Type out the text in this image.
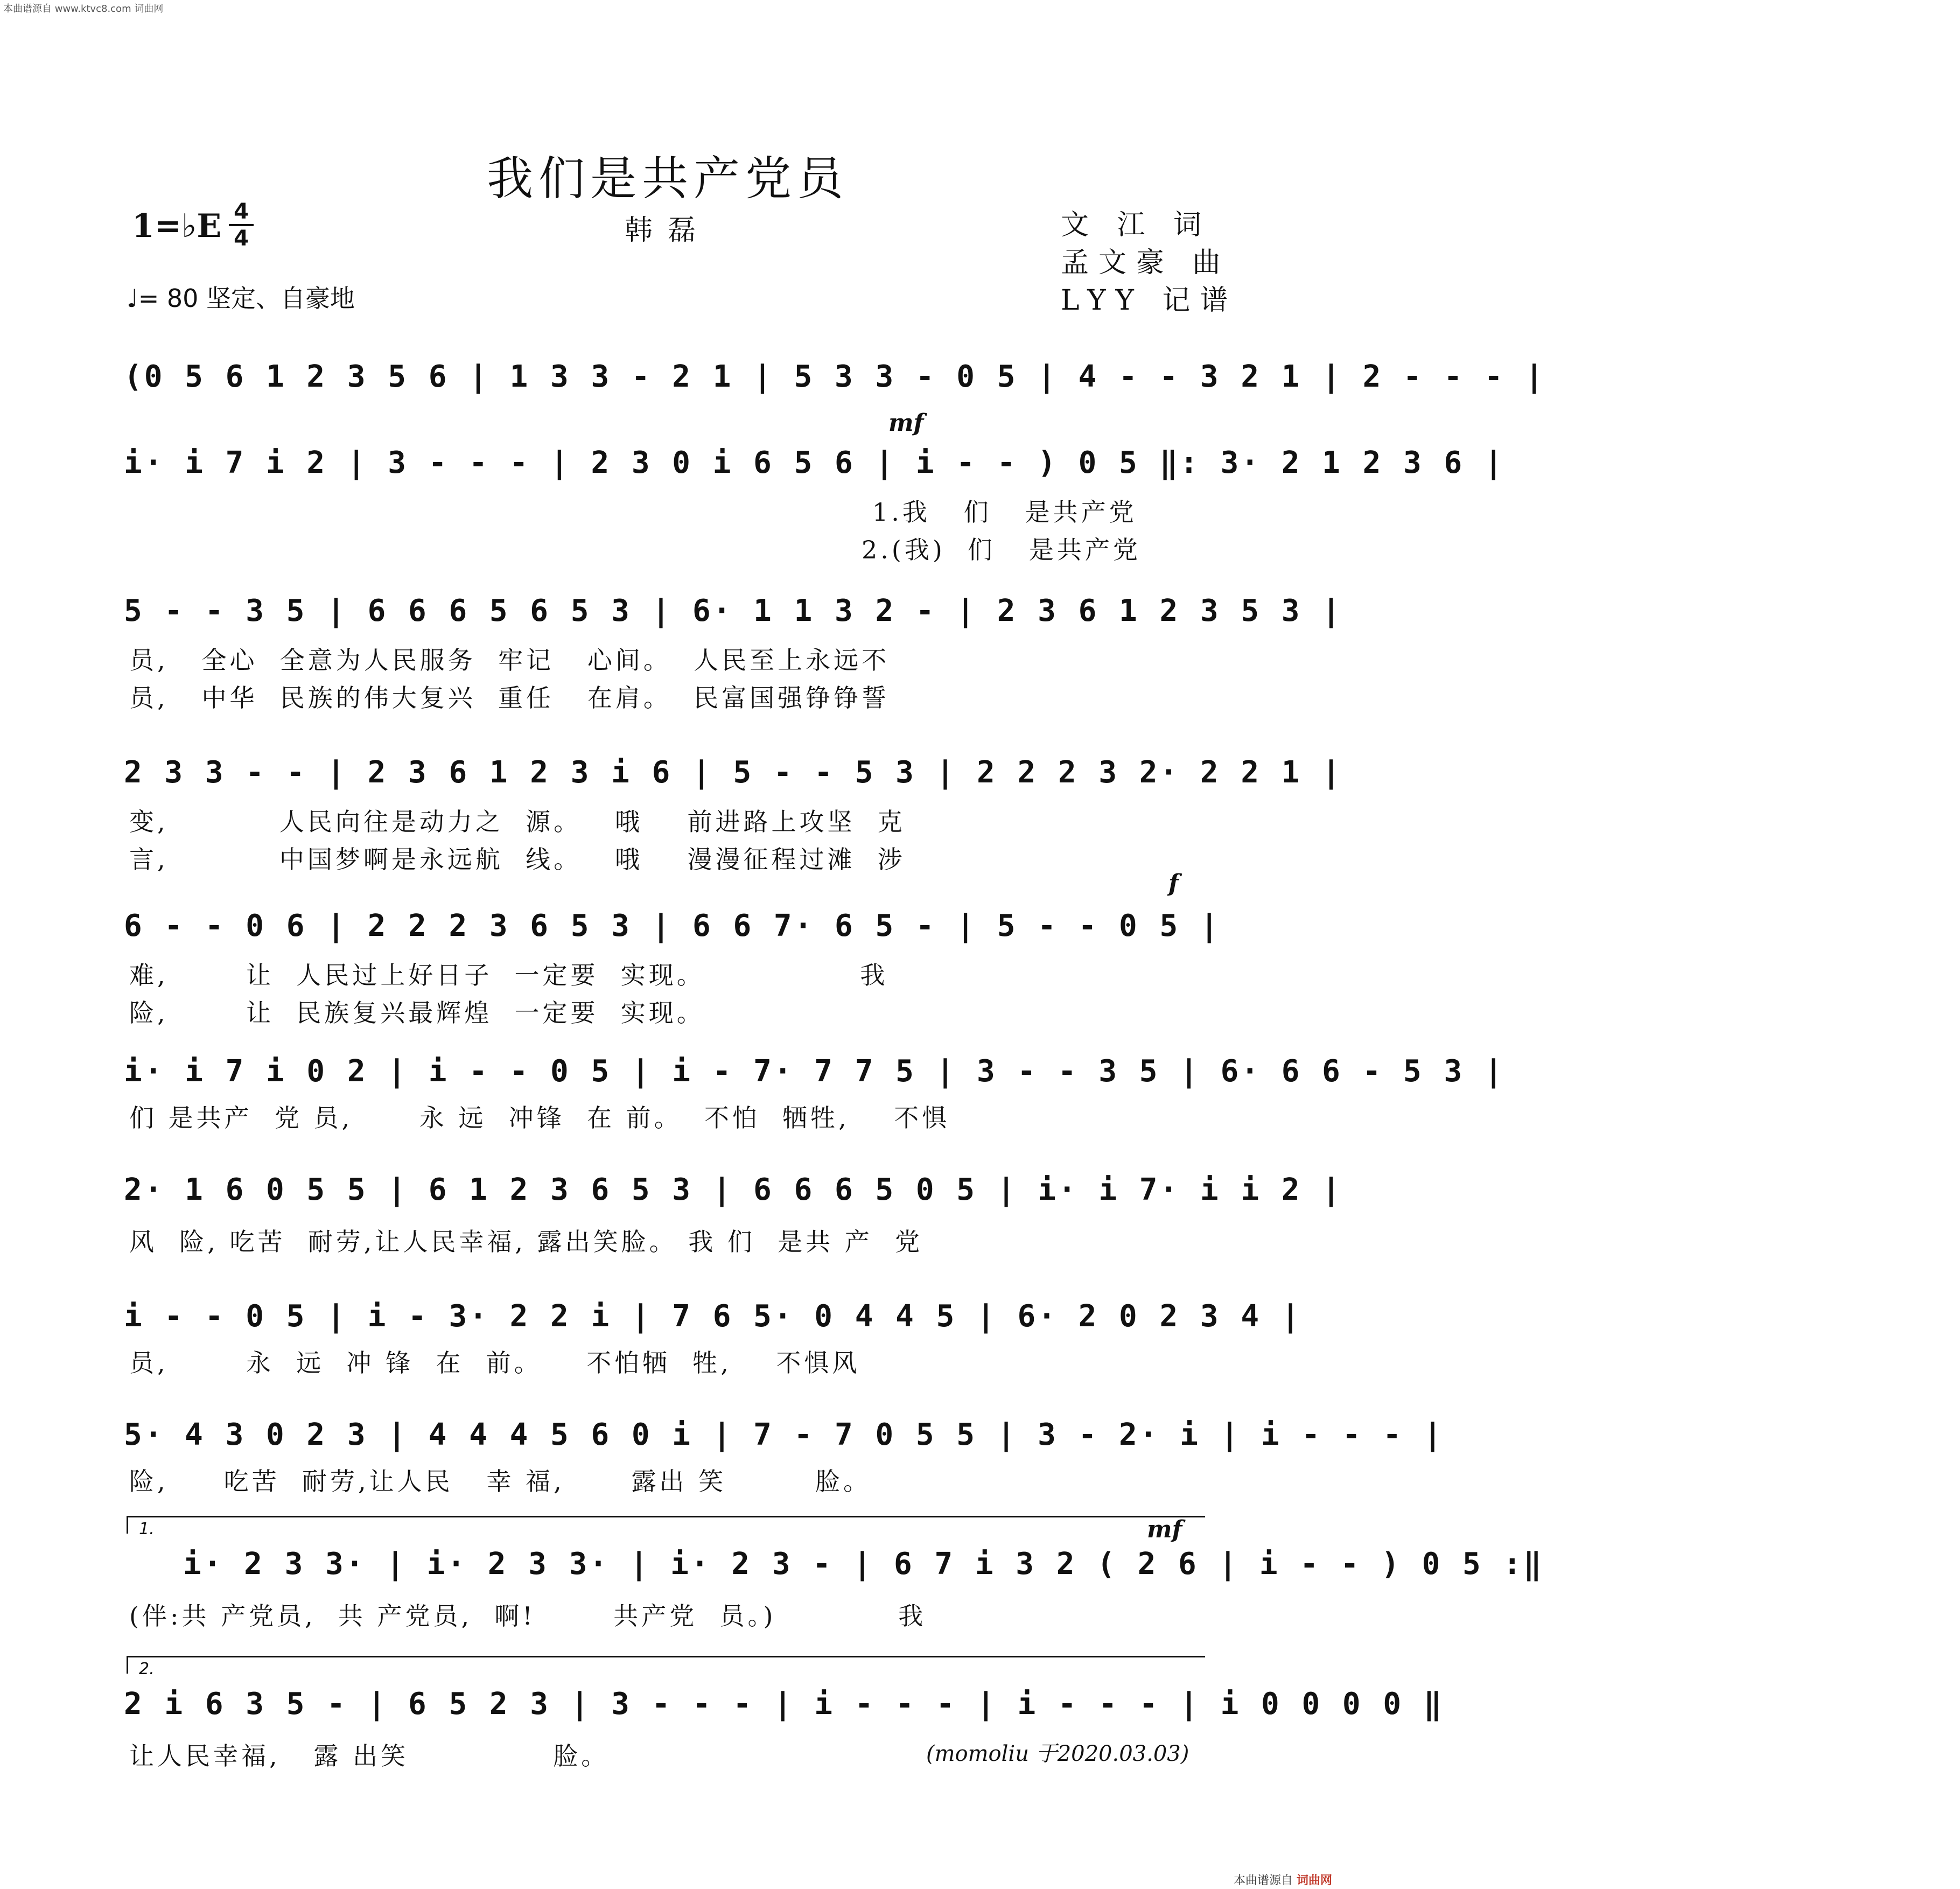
本曲谱源自 www.ktvc8.com 词曲网
我们是共产党员
1=♭E 4
4	韩磊	文 江 词
孟文豪 曲
LYY 记谱
♩= 80 坚定、自豪地
mf
f
mf
1.
2.
(0 5 6 1 2 3 5 6 | 1 3 3 - 2 1 | 5 3 3 - 0 5 | 4 - - 3 2 1 | 2 - - - |
i· i 7 i 2 | 3 - - - | 2 3 0 i 6 5 6 | i - - ) 0 5 ‖: 3· 2 1 2 3 6 |
1.我   们   是共产党
2.(我)  们   是共产党
5 - - 3 5 | 6 6 6 5 6 5 3 | 6· 1 1 3 2 - | 2 3 6 1 2 3 5 3 |
员,   全心  全意为人民服务  牢记   心间。  人民至上永远不
员,   中华  民族的伟大复兴  重任   在肩。  民富国强铮铮誓
2 3 3 - - | 2 3 6 1 2 3 i 6 | 5 - - 5 3 | 2 2 2 3 2· 2 2 1 |
变,          人民向往是动力之  源。   哦    前进路上攻坚  克
言,          中国梦啊是永远航  线。   哦    漫漫征程过滩  涉
6 - - 0 6 | 2 2 2 3 6 5 3 | 6 6 7· 6 5 - | 5 - - 0 5 |
难,       让  人民过上好日子  一定要  实现。              我
险,       让  民族复兴最辉煌  一定要  实现。
i· i 7 i 0 2 | i - - 0 5 | i - 7· 7 7 5 | 3 - - 3 5 | 6· 6 6 - 5 3 |
们 是共产  党 员,      永 远  冲锋  在 前。  不怕  牺牲,    不惧
2· 1 6 0 5 5 | 6 1 2 3 6 5 3 | 6 6 6 5 0 5 | i· i 7· i i 2 |
风  险, 吃苦  耐劳,让人民幸福, 露出笑脸。 我 们  是共 产  党
i - - 0 5 | i - 3· 2 2 i | 7 6 5· 0 4 4 5 | 6· 2 0 2 3 4 |
员,       永  远  冲 锋  在  前。    不怕牺  牲,    不惧风
5· 4 3 0 2 3 | 4 4 4 5 6 0 i | 7 - 7 0 5 5 | 3 - 2· i | i - - - |
险,     吃苦  耐劳,让人民   幸 福,      露出 笑        脸。
i· 2 3 3· | i· 2 3 3· | i· 2 3 - | 6 7 i 3 2 ( 2 6 | i - - ) 0 5 :‖
(伴:共 产党员,  共 产党员,  啊!       共产党  员。)           我
2 i 6 3 5 - | 6 5 2 3 | 3 - - - | i - - - | i - - - | i 0 0 0 0 ‖
让人民幸福,   露 出笑             脸。	(momoliu 于2020.03.03)
本曲谱源自 词曲网
